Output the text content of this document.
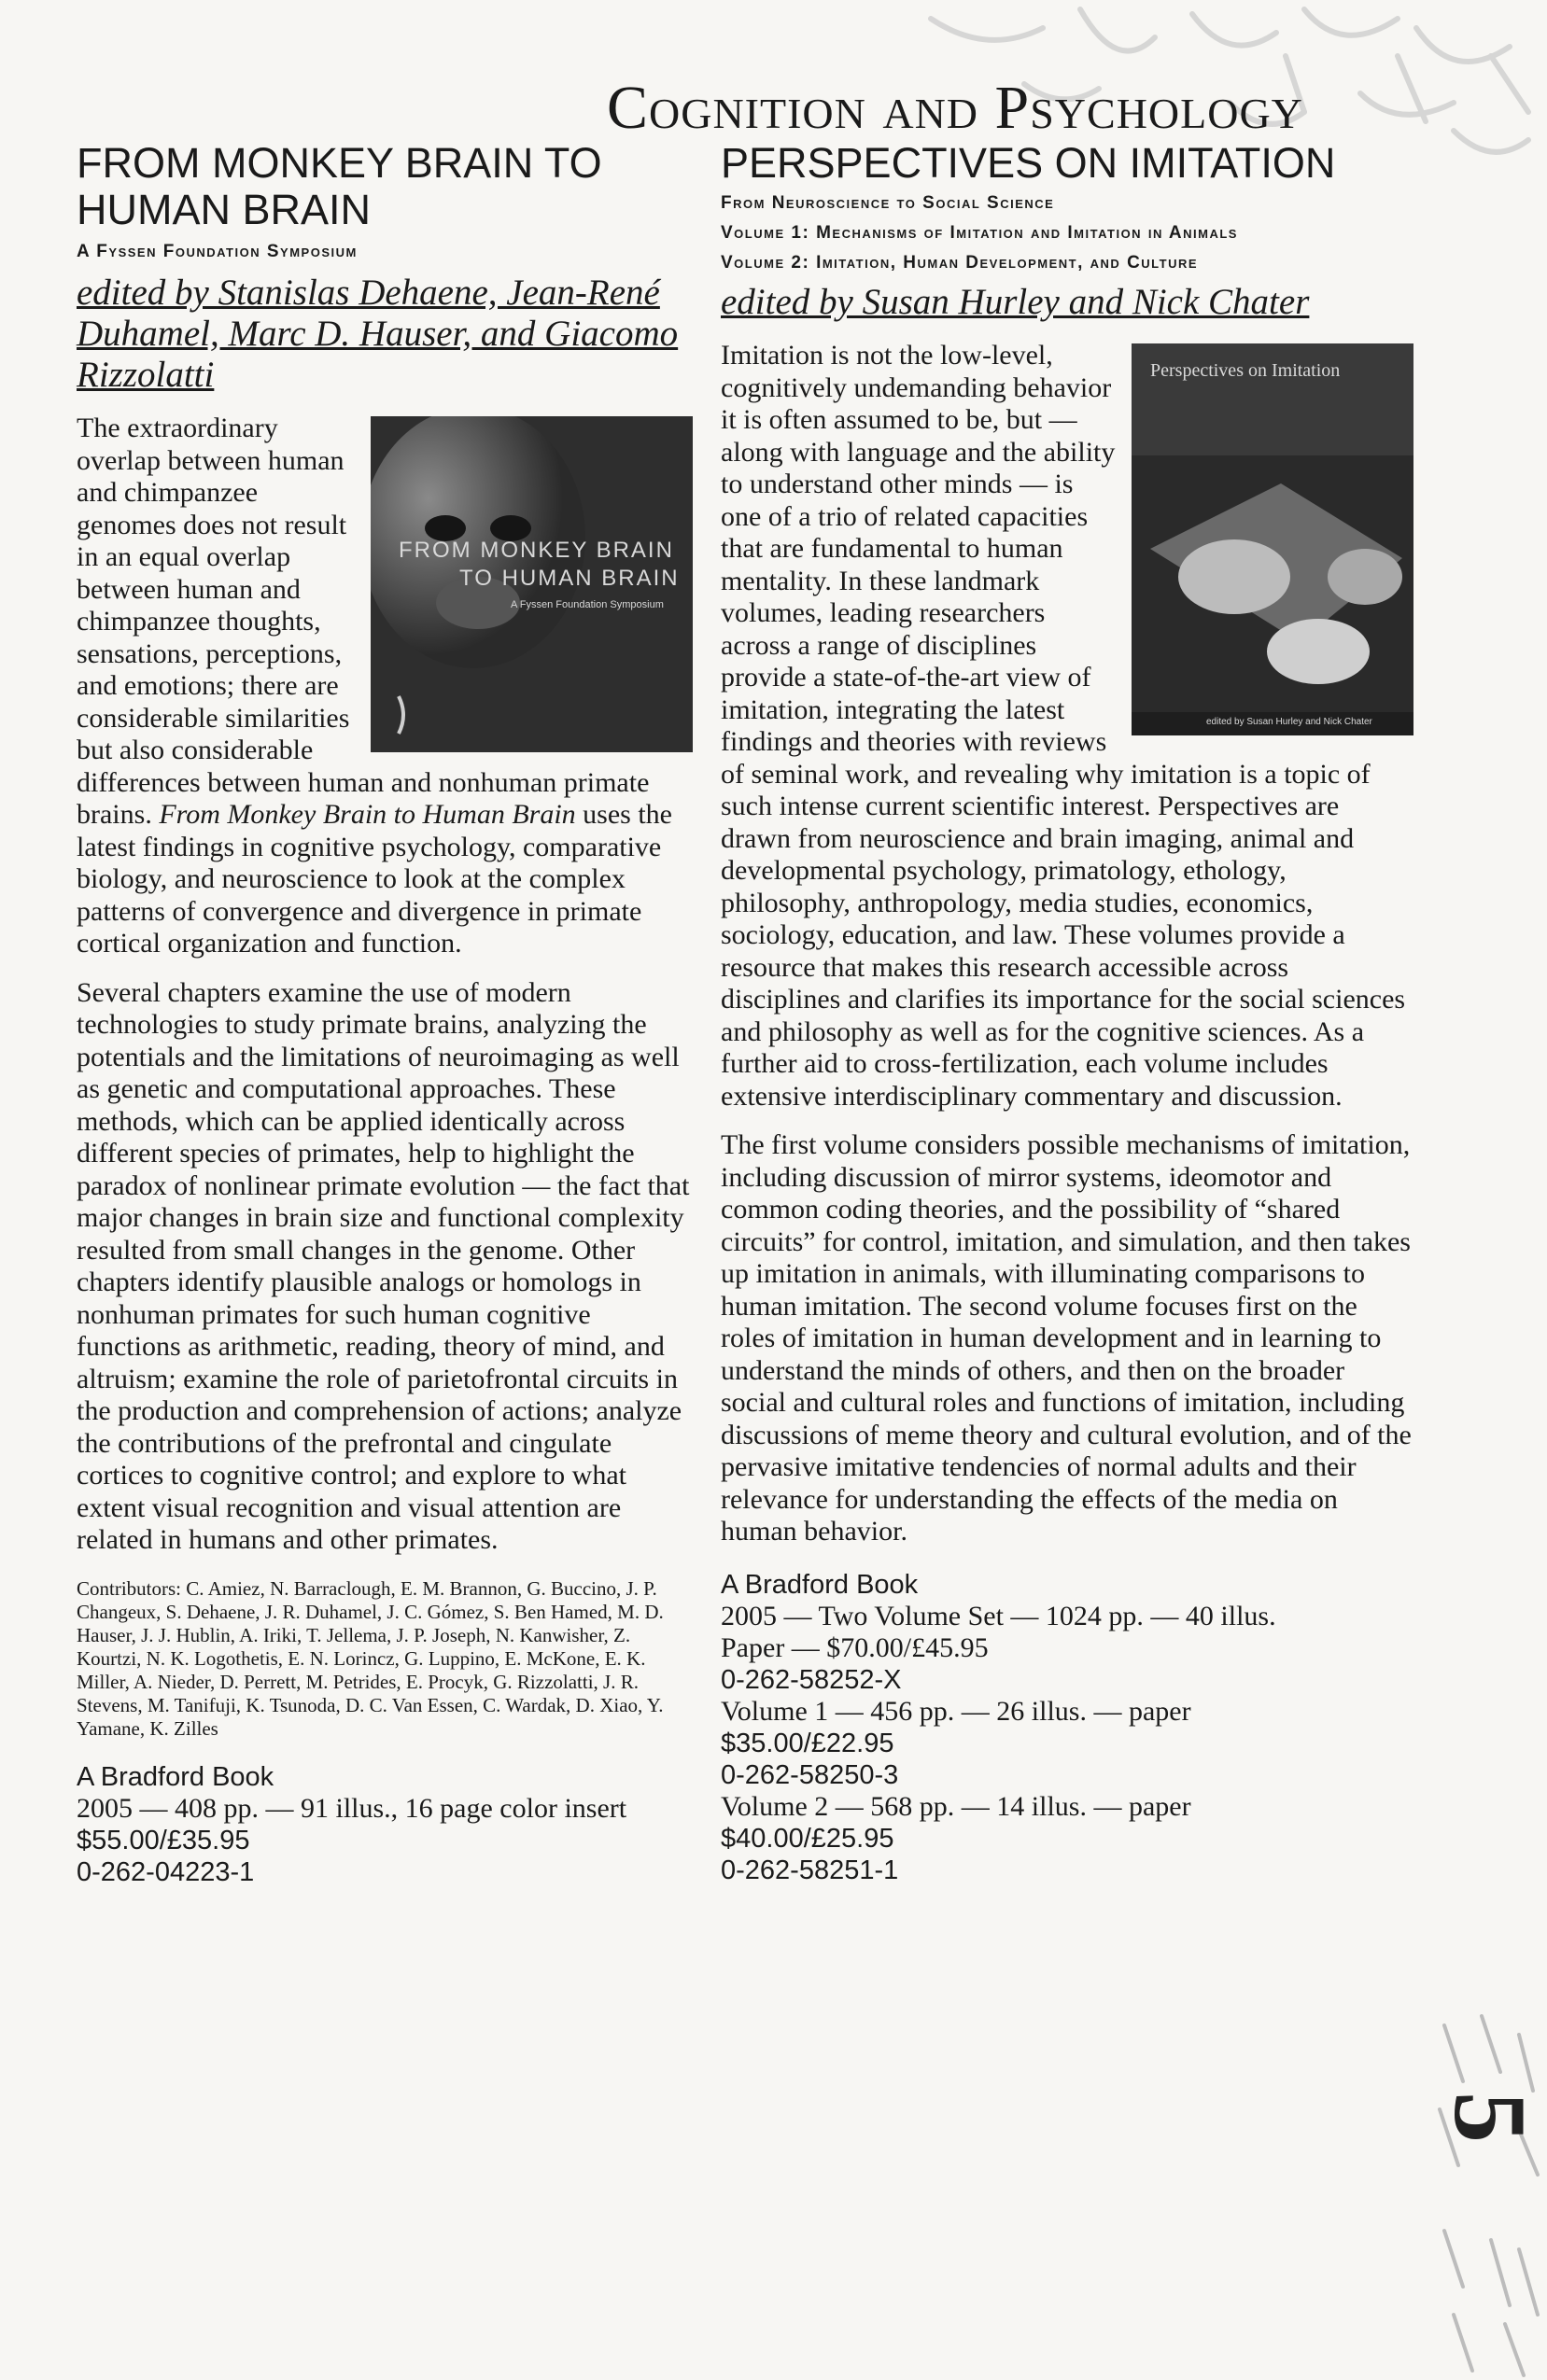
5
Cognition and Psychology
FROM MONKEY BRAIN TO HUMAN BRAIN
A Fyssen Foundation Symposium
edited by Stanislas Dehaene, Jean-René Duhamel, Marc D. Hauser, and Giacomo Rizzolatti
FROM MONKEY BRAIN
TO HUMAN BRAIN
A Fyssen Foundation Symposium

The extraordinary overlap between human and chimpanzee genomes does not result in an equal overlap between human and chimpanzee thoughts, sensations, perceptions, and emotions; there are considerable similarities but also considerable differences between human and nonhuman primate brains. From Monkey Brain to Human Brain uses the latest findings in cognitive psychology, comparative biology, and neuroscience to look at the complex patterns of convergence and divergence in primate cortical organization and function.

Several chapters examine the use of modern technologies to study primate brains, analyzing the potentials and the limitations of neuroimaging as well as genetic and computational approaches. These methods, which can be applied identically across different species of primates, help to highlight the paradox of nonlinear primate evolution — the fact that major changes in brain size and functional complexity resulted from small changes in the genome. Other chapters identify plausible analogs or homologs in nonhuman primates for such human cognitive functions as arithmetic, reading, theory of mind, and altruism; examine the role of parietofrontal circuits in the production and comprehension of actions; analyze the contributions of the prefrontal and cingulate cortices to cognitive control; and explore to what extent visual recognition and visual attention are related in humans and other primates.

Contributors: C. Amiez, N. Barraclough, E. M. Brannon, G. Buccino, J. P. Changeux, S. Dehaene, J. R. Duhamel, J. C. Gómez, S. Ben Hamed, M. D. Hauser, J. J. Hublin, A. Iriki, T. Jellema, J. P. Joseph, N. Kanwisher, Z. Kourtzi, N. K. Logothetis, E. N. Lorincz, G. Luppino, E. McKone, E. K. Miller, A. Nieder, D. Perrett, M. Petrides, E. Procyk, G. Rizzolatti, J. R. Stevens, M. Tanifuji, K. Tsunoda, D. C. Van Essen, C. Wardak, D. Xiao, Y. Yamane, K. Zilles

A Bradford Book

2005 — 408 pp. — 91 illus., 16 page color insert

$55.00/£35.95

0-262-04223-1

PERSPECTIVES ON IMITATION
From Neuroscience to Social Science
Volume 1: Mechanisms of Imitation and Imitation in Animals
Volume 2: Imitation, Human Development, and Culture
edited by Susan Hurley and Nick Chater
Perspectives on Imitation
edited by Susan Hurley and Nick Chater

Imitation is not the low-level, cognitively undemanding behavior it is often assumed to be, but — along with language and the ability to understand other minds — is one of a trio of related capacities that are fundamental to human mentality. In these landmark volumes, leading researchers across a range of disciplines provide a state-of-the-art view of imitation, integrating the latest findings and theories with reviews of seminal work, and revealing why imitation is a topic of such intense current scientific interest. Perspectives are drawn from neuroscience and brain imaging, animal and developmental psychology, primatology, ethology, philosophy, anthropology, media studies, economics, sociology, education, and law. These volumes provide a resource that makes this research accessible across disciplines and clarifies its importance for the social sciences and philosophy as well as for the cognitive sciences. As a further aid to cross-fertilization, each volume includes extensive interdisciplinary commentary and discussion.

The first volume considers possible mechanisms of imitation, including discussion of mirror systems, ideomotor and common coding theories, and the possibility of “shared circuits” for control, imitation, and simulation, and then takes up imitation in animals, with illuminating comparisons to human imitation. The second volume focuses first on the roles of imitation in human development and in learning to understand the minds of others, and then on the broader social and cultural roles and functions of imitation, including discussions of meme theory and cultural evolution, and of the pervasive imitative tendencies of normal adults and their relevance for understanding the effects of the media on human behavior.

A Bradford Book

2005 — Two Volume Set — 1024 pp. — 40 illus.

Paper — $70.00/£45.95

0-262-58252-X

Volume 1 — 456 pp. — 26 illus. — paper

$35.00/£22.95

0-262-58250-3

Volume 2 — 568 pp. — 14 illus. — paper

$40.00/£25.95

0-262-58251-1
